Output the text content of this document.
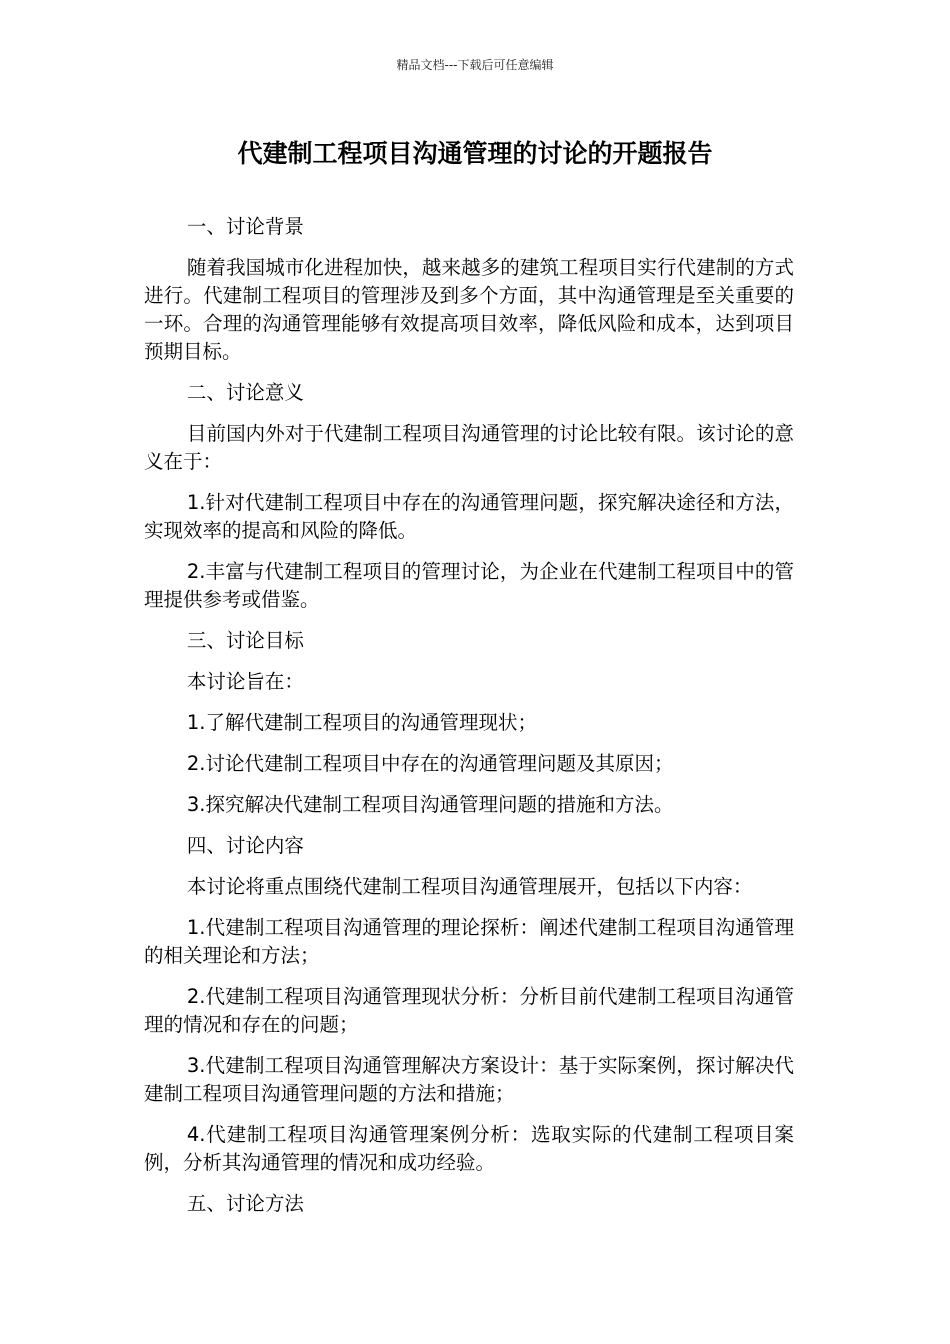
精品文档---下载后可任意编辑
代建制工程项目沟通管理的讨论的开题报告

一、讨论背景

随着我国城市化进程加快，越来越多的建筑工程项目实行代建制的方式进行。代建制工程项目的管理涉及到多个方面，其中沟通管理是至关重要的一环。合理的沟通管理能够有效提高项目效率，降低风险和成本，达到项目预期目标。

二、讨论意义

目前国内外对于代建制工程项目沟通管理的讨论比较有限。该讨论的意义在于：

1.针对代建制工程项目中存在的沟通管理问题，探究解决途径和方法，实现效率的提高和风险的降低。

2.丰富与代建制工程项目的管理讨论，为企业在代建制工程项目中的管理提供参考或借鉴。

三、讨论目标

本讨论旨在：

1.了解代建制工程项目的沟通管理现状；

2.讨论代建制工程项目中存在的沟通管理问题及其原因；

3.探究解决代建制工程项目沟通管理问题的措施和方法。

四、讨论内容

本讨论将重点围绕代建制工程项目沟通管理展开，包括以下内容：

1.代建制工程项目沟通管理的理论探析：阐述代建制工程项目沟通管理的相关理论和方法；

2.代建制工程项目沟通管理现状分析：分析目前代建制工程项目沟通管理的情况和存在的问题；

3.代建制工程项目沟通管理解决方案设计：基于实际案例，探讨解决代建制工程项目沟通管理问题的方法和措施；

4.代建制工程项目沟通管理案例分析：选取实际的代建制工程项目案例，分析其沟通管理的情况和成功经验。

五、讨论方法
